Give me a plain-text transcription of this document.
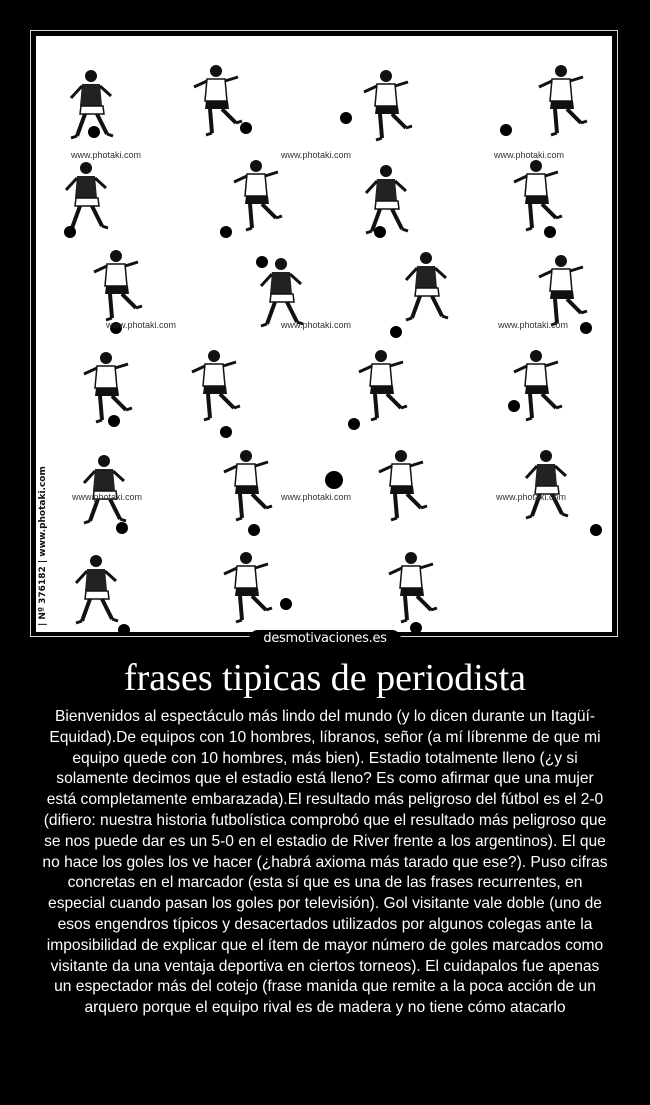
www.photaki.com	www.photaki.com	www.photaki.com
www.photaki.com	www.photaki.com	www.photaki.com
www.photaki.com	www.photaki.com	www.photaki.com
| Nº 376182 | www.photaki.com
desmotivaciones.es
frases tipicas de periodista

Bienvenidos al espectáculo más lindo del mundo (y lo dicen durante un Itagüí-Equidad).De equipos con 10 hombres, líbranos, señor (a mí líbrenme de que mi equipo quede con 10 hombres, más bien). Estadio totalmente lleno (¿y si solamente decimos que el estadio está lleno? Es como afirmar que una mujer está completamente embarazada).El resultado más peligroso del fútbol es el 2-0 (difiero: nuestra historia futbolística comprobó que el resultado más peligroso que se nos puede dar es un 5-0 en el estadio de River frente a los argentinos). El que no hace los goles los ve hacer (¿habrá axioma más tarado que ese?). Puso cifras concretas en el marcador (esta sí que es una de las frases recurrentes, en especial cuando pasan los goles por televisión). Gol visitante vale doble (uno de esos engendros típicos y desacertados utilizados por algunos colegas ante la imposibilidad de explicar que el ítem de mayor número de goles marcados como visitante da una ventaja deportiva en ciertos torneos). El cuidapalos fue apenas un espectador más del cotejo (frase manida que remite a la poca acción de un arquero porque el equipo rival es de madera y no tiene cómo atacarlo
